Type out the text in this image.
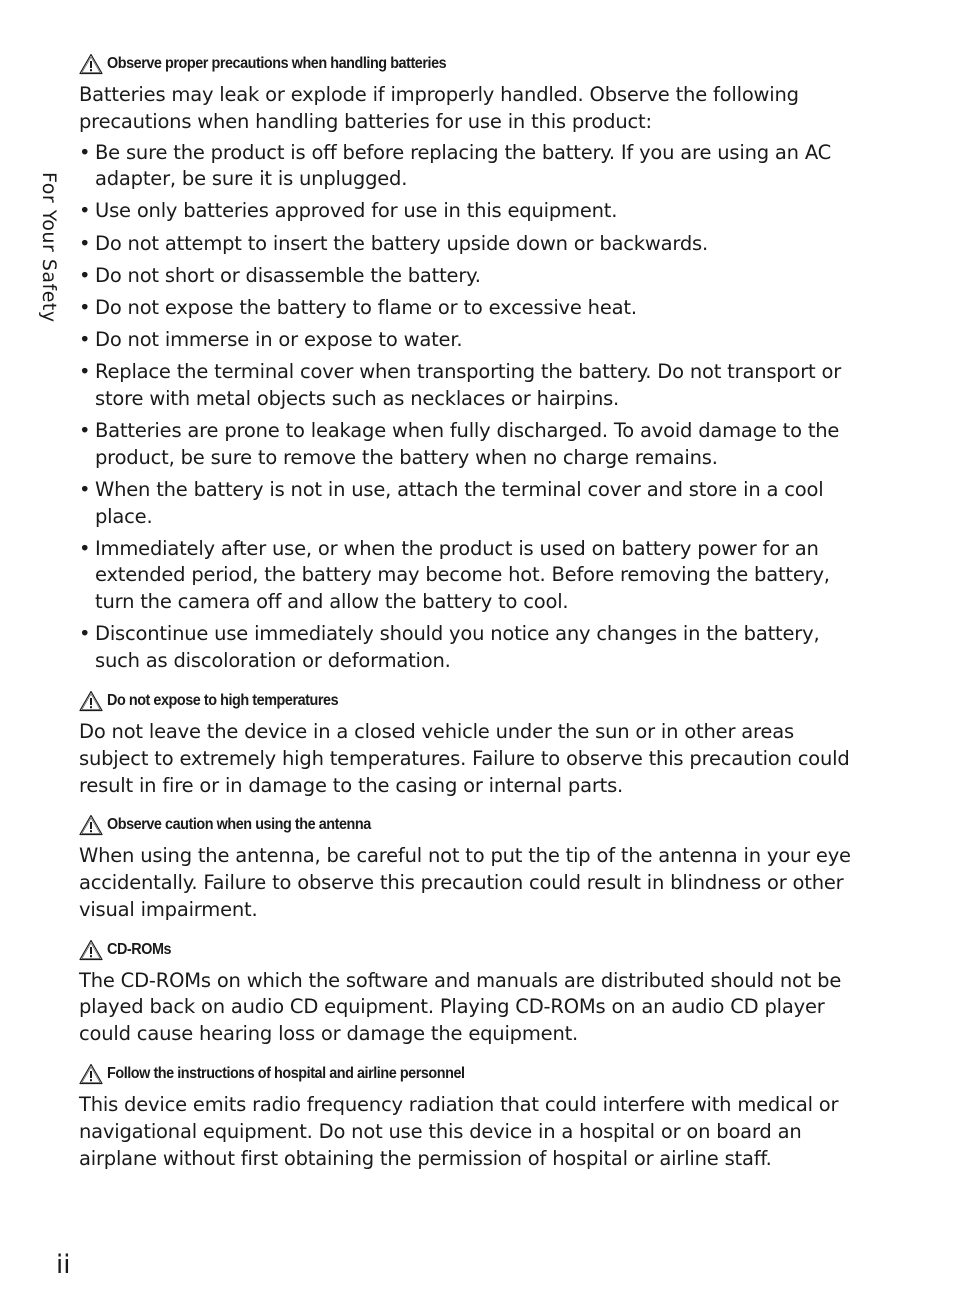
For Your Safety
Observe proper precautions when handling batteries

Batteries may leak or explode if improperly handled. Observe the following precautions when handling batteries for use in this product:

• Be sure the product is off before replacing the battery. If you are using an AC adapter, be sure it is unplugged.
• Use only batteries approved for use in this equipment.
• Do not attempt to insert the battery upside down or backwards.
• Do not short or disassemble the battery.
• Do not expose the battery to flame or to excessive heat.
• Do not immerse in or expose to water.
• Replace the terminal cover when transporting the battery. Do not transport or store with metal objects such as necklaces or hairpins.
• Batteries are prone to leakage when fully discharged. To avoid damage to the product, be sure to remove the battery when no charge remains.
• When the battery is not in use, attach the terminal cover and store in a cool place.
• Immediately after use, or when the product is used on battery power for an extended period, the battery may become hot. Before removing the battery, turn the camera off and allow the battery to cool.
• Discontinue use immediately should you notice any changes in the battery, such as discoloration or deformation.
Do not expose to high temperatures

Do not leave the device in a closed vehicle under the sun or in other areas subject to extremely high temperatures. Failure to observe this precaution could result in fire or in damage to the casing or internal parts.

Observe caution when using the antenna

When using the antenna, be careful not to put the tip of the antenna in your eye accidentally. Failure to observe this precaution could result in blindness or other visual impairment.

CD-ROMs

The CD-ROMs on which the software and manuals are distributed should not be played back on audio CD equipment. Playing CD-ROMs on an audio CD player could cause hearing loss or damage the equipment.

Follow the instructions of hospital and airline personnel

This device emits radio frequency radiation that could interfere with medical or navigational equipment. Do not use this device in a hospital or on board an airplane without first obtaining the permission of hospital or airline staff.

ii
